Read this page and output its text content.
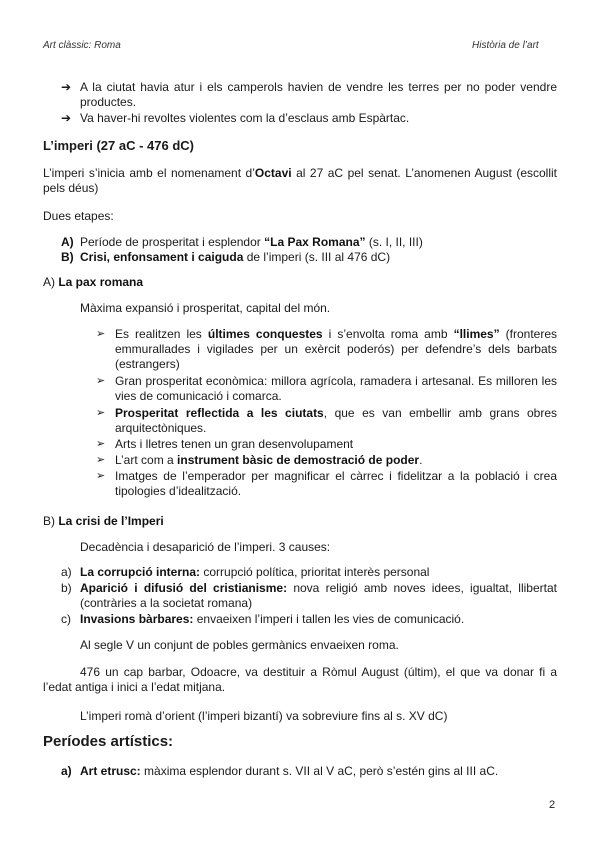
Art clàssic: Roma	Història de l’art
➔ A la ciutat havia atur i els camperols havien de vendre les terres per no poder vendre productes.
➔ Va haver-hi revoltes violentes com la d’esclaus amb Espàrtac.
L’imperi (27 aC - 476 dC)
L’imperi s’inicia amb el nomenament d’Octavi al 27 aC pel senat. L’anomenen August (escollit pels déus)
Dues etapes:
A) Període de prosperitat i esplendor “La Pax Romana” (s. I, II, III)
B) Crisi, enfonsament i caiguda de l’imperi (s. III al 476 dC)
A) La pax romana
Màxima expansió i prosperitat, capital del món.
➢ Es realitzen les últimes conquestes i s’envolta roma amb “llimes” (fronteres emmurallades i vigilades per un exèrcit poderós) per defendre’s dels barbats (estrangers)
➢ Gran prosperitat econòmica: millora agrícola, ramadera i artesanal. Es milloren les vies de comunicació i comarca.
➢ Prosperitat reflectida a les ciutats, que es van embellir amb grans obres arquitectòniques.
➢ Arts i lletres tenen un gran desenvolupament
➢ L’art com a instrument bàsic de demostració de poder.
➢ Imatges de l’emperador per magnificar el càrrec i fidelitzar a la població i crea tipologies d’idealització.
B) La crisi de l’Imperi
Decadència i desaparició de l’imperi. 3 causes:
a) La corrupció interna: corrupció política, prioritat interès personal
b) Aparició i difusió del cristianisme: nova religió amb noves idees, igualtat, llibertat (contràries a la societat romana)
c) Invasions bàrbares: envaeixen l’imperi i tallen les vies de comunicació.
Al segle V un conjunt de pobles germànics envaeixen roma.
476 un cap barbar, Odoacre, va destituir a Ròmul August (últim), el que va donar fi a l’edat antiga i inici a l’edat mitjana.
L’imperi romà d’orient (l’imperi bizantí) va sobreviure fins al s. XV dC)
Períodes artístics:
a) Art etrusc: màxima esplendor durant s. VII al V aC, però s’estén gins al III aC.
2
